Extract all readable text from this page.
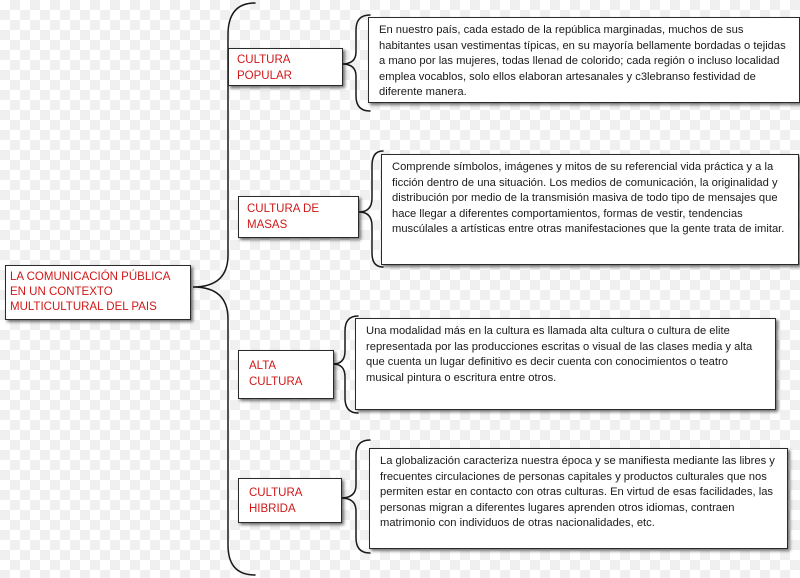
LA COMUNICACIÓN PÚBLICA EN UN CONTEXTO MULTICULTURAL DEL PAIS
CULTURA POPULAR
CULTURA DE MASAS
ALTA CULTURA
CULTURA HIBRIDA
En nuestro país, cada estado de la república marginadas, muchos de sus habitantes usan vestimentas típicas, en su mayoría bellamente bordadas o tejidas a mano por las mujeres, todas llenad de colorido; cada región o incluso localidad emplea vocablos, solo ellos elaboran artesanales y c3lebranso festividad de diferente manera.
Comprende símbolos, imágenes y mitos de su referencial vida práctica y a la ficción dentro de una situación. Los medios de comunicación, la originalidad y distribución por medio de la transmisión masiva de todo tipo de mensajes que hace llegar a diferentes comportamientos, formas de vestir, tendencias muscúlales a artísticas entre otras manifestaciones que la gente trata de imitar.
Una modalidad más en la cultura es llamada alta cultura o cultura de elite representada por las producciones escritas o visual de las clases media y alta que cuenta un lugar definitivo es decir cuenta con conocimientos o teatro musical pintura o escritura entre otros.
La globalización caracteriza nuestra época y se manifiesta mediante las libres y frecuentes circulaciones de personas capitales y productos culturales que nos permiten estar en contacto con otras culturas. En virtud de esas facilidades, las personas migran a diferentes lugares aprenden otros idiomas, contraen matrimonio con individuos de otras nacionalidades, etc.
